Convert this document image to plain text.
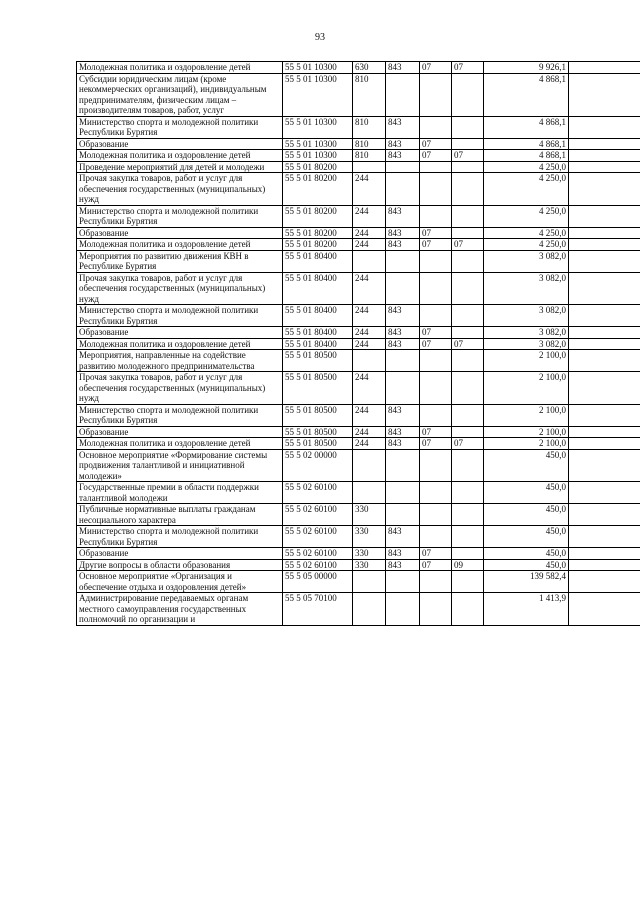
93
Молодежная политика и оздоровление детей	55 5 01 10300	630	843	07	07	9 926,1	
Субсидии юридическим лицам (кроме некоммерческих организаций), индивидуальным предпринимателям, физическим лицам – производителям товаров, работ, услуг	55 5 01 10300	810				4 868,1	
Министерство спорта и молодежной политики Республики Бурятия	55 5 01 10300	810	843			4 868,1	
Образование	55 5 01 10300	810	843	07		4 868,1	
Молодежная политика и оздоровление детей	55 5 01 10300	810	843	07	07	4 868,1	
Проведение мероприятий для детей и молодежи	55 5 01 80200					4 250,0	
Прочая закупка товаров, работ и услуг для обеспечения государственных (муниципальных) нужд	55 5 01 80200	244				4 250,0	
Министерство спорта и молодежной политики Республики Бурятия	55 5 01 80200	244	843			4 250,0	
Образование	55 5 01 80200	244	843	07		4 250,0	
Молодежная политика и оздоровление детей	55 5 01 80200	244	843	07	07	4 250,0	
Мероприятия по развитию движения КВН в Республике Бурятия	55 5 01 80400					3 082,0	
Прочая закупка товаров, работ и услуг для обеспечения государственных (муниципальных) нужд	55 5 01 80400	244				3 082,0	
Министерство спорта и молодежной политики Республики Бурятия	55 5 01 80400	244	843			3 082,0	
Образование	55 5 01 80400	244	843	07		3 082,0	
Молодежная политика и оздоровление детей	55 5 01 80400	244	843	07	07	3 082,0	
Мероприятия, направленные на содействие развитию молодежного предпринимательства	55 5 01 80500					2 100,0	
Прочая закупка товаров, работ и услуг для обеспечения государственных (муниципальных) нужд	55 5 01 80500	244				2 100,0	
Министерство спорта и молодежной политики Республики Бурятия	55 5 01 80500	244	843			2 100,0	
Образование	55 5 01 80500	244	843	07		2 100,0	
Молодежная политика и оздоровление детей	55 5 01 80500	244	843	07	07	2 100,0	
Основное мероприятие «Формирование системы продвижения талантливой и инициативной молодежи»	55 5 02 00000					450,0	
Государственные премии в области поддержки талантливой молодежи	55 5 02 60100					450,0	
Публичные нормативные выплаты гражданам несоциального характера	55 5 02 60100	330				450,0	
Министерство спорта и молодежной политики Республики Бурятия	55 5 02 60100	330	843			450,0	
Образование	55 5 02 60100	330	843	07		450,0	
Другие вопросы в области образования	55 5 02 60100	330	843	07	09	450,0	
Основное мероприятие «Организация и обеспечение отдыха и оздоровления детей»	55 5 05 00000					139 582,4	
Администрирование передаваемых органам местного самоуправления государственных полномочий по организации и	55 5 05 70100					1 413,9	
